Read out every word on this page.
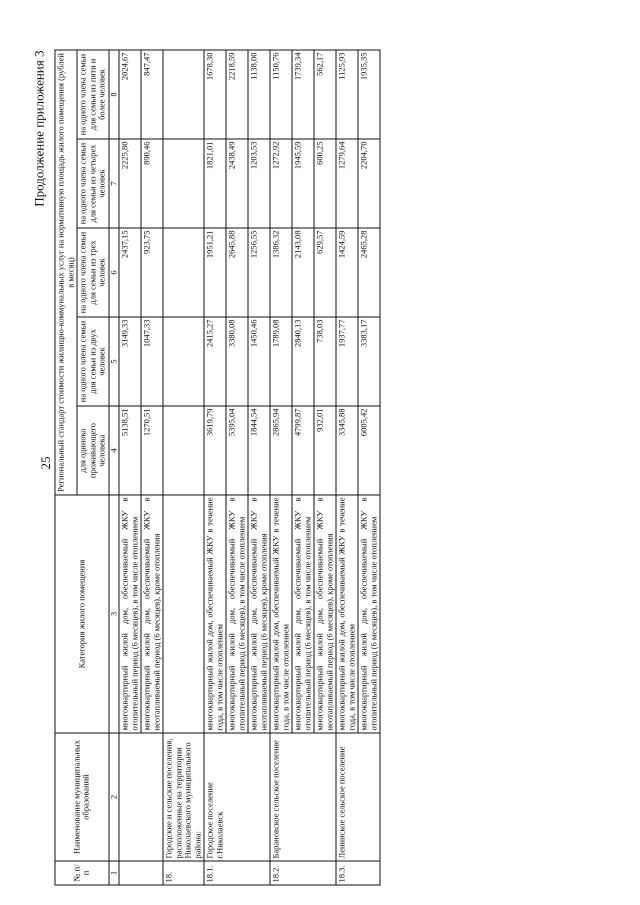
25
Продолжение приложения 3
№ п/п	Наименование муниципальных образований	Категория жилого помещения	Региональный стандарт стоимости жилищно-коммунальных услуг на нормативную площадь жилого помещения (рублей в месяц)				
			для одиноко проживающего человека	на одного члена семьи для семьи из двух человек	на одного члена семьи для семьи из трех человек	на одного члена семьи для семьи из четырех человек	на одного члена семьи для семьи из пяти и более человек
1	2	3	4	5	6	7	8
		многоквартирный жилой дом, обеспечиваемый ЖКУ в отопительный период (6 месяцев), в том числе отоплением	5138,51	3149,33	2437,15	2225,80	2024,67
		многоквартирный жилой дом, обеспечиваемый ЖКУ в неотапливаемый период (6 месяцев), кроме отопления	1270,51	1047,33	923,75	890,46	847,47
18.	Городские и сельские поселения, расположенные на территории Николаевского муниципального района:						
18.1.	Городское поселение г.Николаевск	многоквартирный жилой дом, обеспечиваемый ЖКУ в течение года, в том числе отоплением	3619,79	2415,27	1951,21	1821,01	1678,30
		многоквартирный жилой дом, обеспечиваемый ЖКУ в отопительный период (6 месяцев), в том числе отоплением	5395,04	3380,08	2645,88	2438,49	2218,59
		многоквартирный жилой дом, обеспечиваемый ЖКУ в неотапливаемый период (6 месяцев), кроме отопления	1844,54	1450,46	1256,55	1203,53	1138,00
18.2.	Барановское сельское поселение	многоквартирный жилой дом, обеспечиваемый ЖКУ в течение года, в том числе отоплением	2865,94	1789,08	1386,32	1272,92	1150,76
		многоквартирный жилой дом, обеспечиваемый ЖКУ в отопительный период (6 месяцев), в том числе отоплением	4799,87	2840,13	2143,08	1945,59	1739,34
		многоквартирный жилой дом, обеспечиваемый ЖКУ в неотапливаемый период (6 месяцев), кроме отопления	932,01	738,03	629,57	600,25	562,17
18.3.	Ленинское сельское поселение	многоквартирный жилой дом, обеспечиваемый ЖКУ в течение года, в том числе отоплением	3345,88	1937,77	1424,59	1279,64	1125,93
		многоквартирный жилой дом, обеспечиваемый ЖКУ в отопительный период (6 месяцев), в том числе отоплением	6005,42	3383,17	2465,28	2204,70	1935,35
